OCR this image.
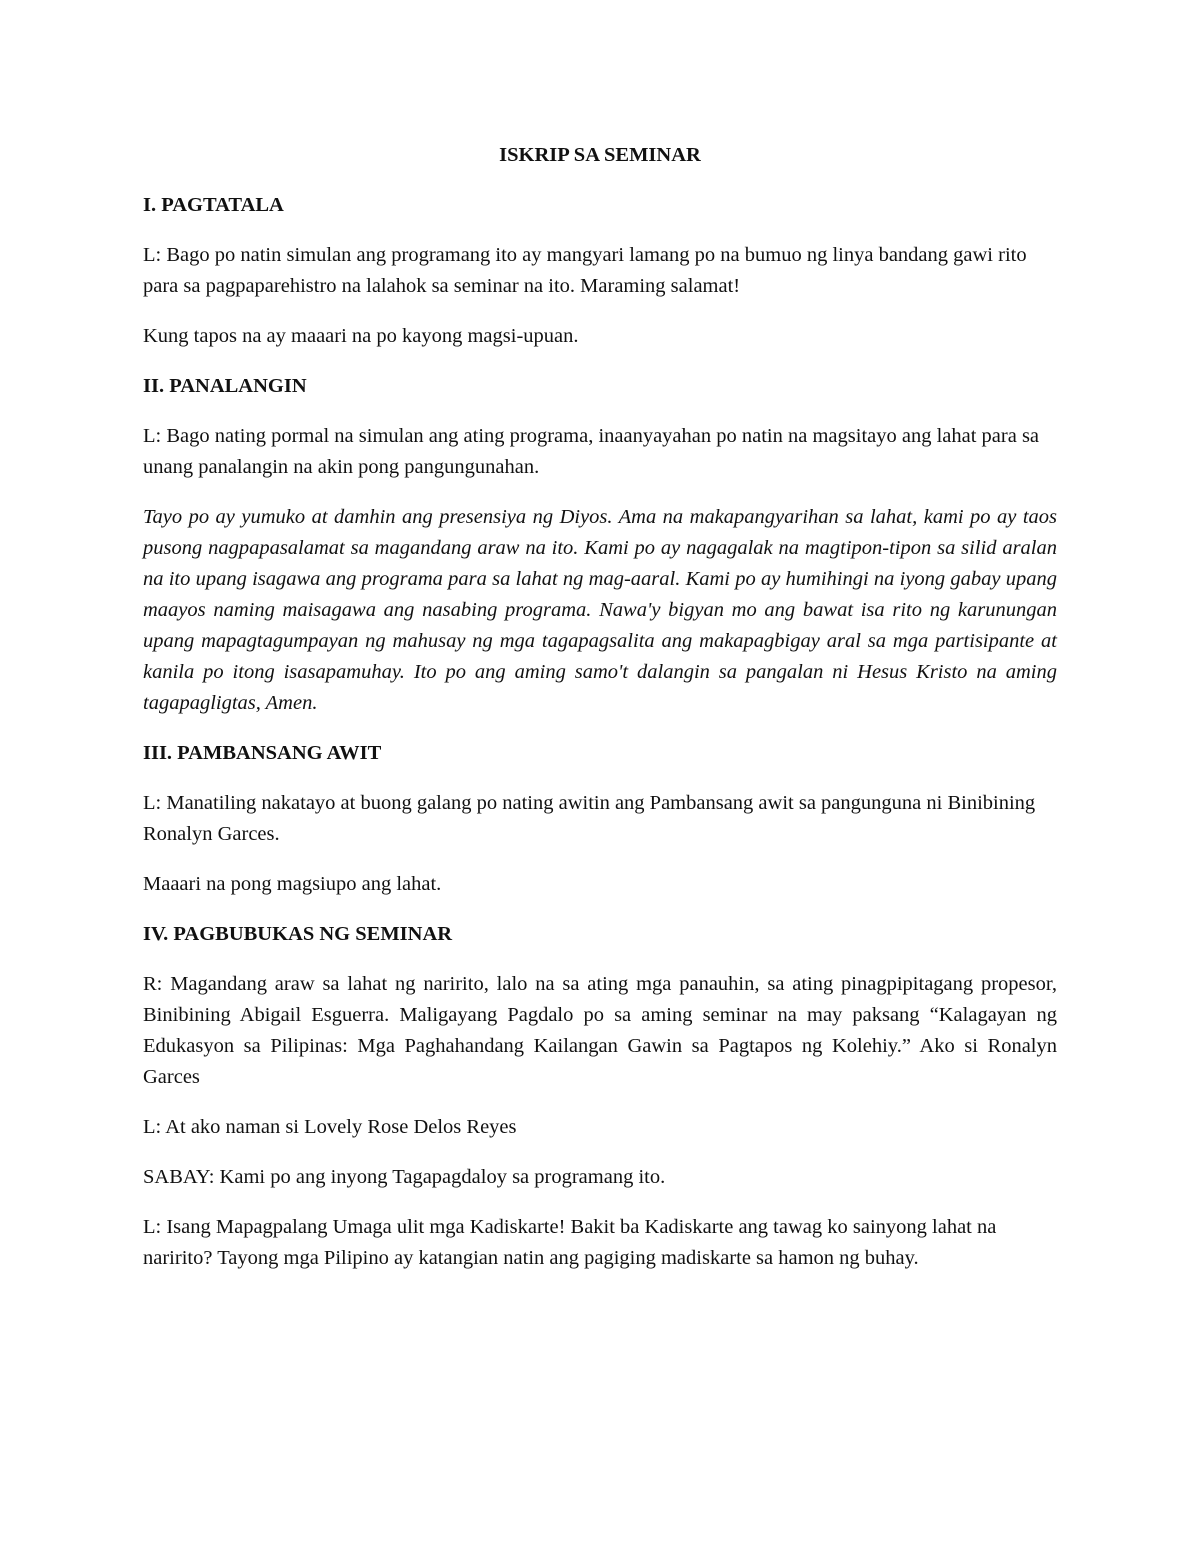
ISKRIP SA SEMINAR
I. PAGTATALA

L: Bago po natin simulan ang programang ito ay mangyari lamang po na bumuo ng linya bandang gawi rito para sa pagpaparehistro na lalahok sa seminar na ito. Maraming salamat!

Kung tapos na ay maaari na po kayong magsi-upuan.

II. PANALANGIN

L: Bago nating pormal na simulan ang ating programa, inaanyayahan po natin na magsitayo ang lahat para sa unang panalangin na akin pong pangungunahan.

Tayo po ay yumuko at damhin ang presensiya ng Diyos. Ama na makapangyarihan sa lahat, kami po ay taos pusong nagpapasalamat sa magandang araw na ito. Kami po ay nagagalak na magtipon-tipon sa silid aralan na ito upang isagawa ang programa para sa lahat ng mag-aaral. Kami po ay humihingi na iyong gabay upang maayos naming maisagawa ang nasabing programa. Nawa'y bigyan mo ang bawat isa rito ng karunungan upang mapagtagumpayan ng mahusay ng mga tagapagsalita ang makapagbigay aral sa mga partisipante at kanila po itong isasapamuhay. Ito po ang aming samo't dalangin sa pangalan ni Hesus Kristo na aming tagapagligtas, Amen.

III. PAMBANSANG AWIT

L: Manatiling nakatayo at buong galang po nating awitin ang Pambansang awit sa pangunguna ni Binibining Ronalyn Garces.

Maaari na pong magsiupo ang lahat.

IV. PAGBUBUKAS NG SEMINAR

R: Magandang araw sa lahat ng naririto, lalo na sa ating mga panauhin, sa ating pinagpipitagang propesor, Binibining Abigail Esguerra. Maligayang Pagdalo po sa aming seminar na may paksang “Kalagayan ng Edukasyon sa Pilipinas: Mga Paghahandang Kailangan Gawin sa Pagtapos ng Kolehiy.” Ako si Ronalyn Garces

L: At ako naman si Lovely Rose Delos Reyes

SABAY: Kami po ang inyong Tagapagdaloy sa programang ito.

L: Isang Mapagpalang Umaga ulit mga Kadiskarte! Bakit ba Kadiskarte ang tawag ko sainyong lahat na naririto? Tayong mga Pilipino ay katangian natin ang pagiging madiskarte sa hamon ng buhay.
